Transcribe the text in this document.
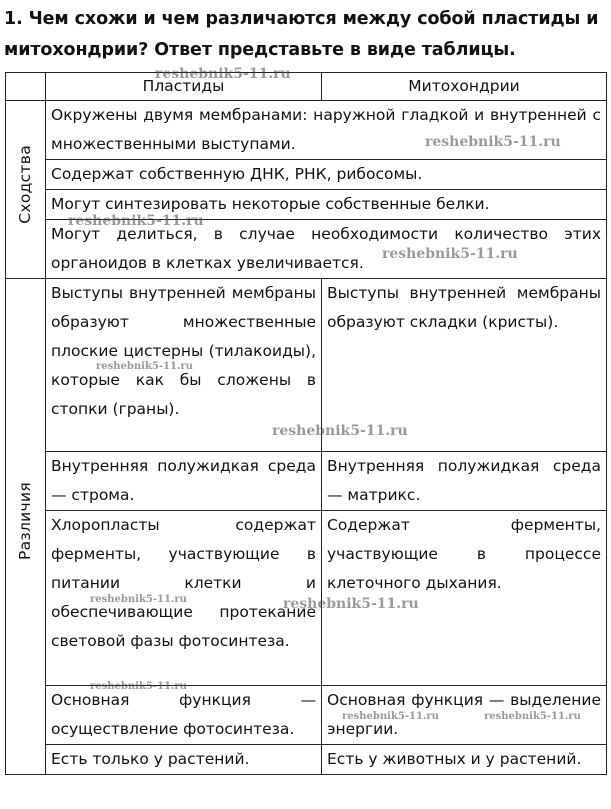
1. Чем схожи и чем различаются между собой пластиды и митохондрии? Ответ представьте в виде таблицы.
	Пластиды	Митохондрии
Сходства	Окружены двумя мембранами: наружной гладкой и внутренней с множественными выступами.	
	Содержат собственную ДНК, РНК, рибосомы.	
	Могут синтезировать некоторые собственные белки.	
	Могут делиться, в случае необходимости количество этих органоидов в клетках увеличивается.	
Различия	Выступы внутренней мембраны образуют множественные плоские цистерны (тилакоиды), которые как бы сложены в стопки (граны).	Выступы внутренней мембраны образуют складки (кристы).
	Внутренняя полужидкая среда — строма.	Внутренняя полужидкая среда — матрикс.
	Хлоропласты содержат ферменты, участвующие в питании клетки и обеспечивающие протекание световой фазы фотосинтеза.	Содержат ферменты, участвующие в процессе клеточного дыхания.
	Основная функция — осуществление фотосинтеза.	Основная функция — выделение энергии.
	Есть только у растений.	Есть у животных и у растений.
reshebnik5-11.ru
reshebnik5-11.ru
reshebnik5-11.ru
reshebnik5-11.ru
reshebnik5-11.ru
reshebnik5-11.ru
reshebnik5-11.ru	reshebnik5-11.ru
reshebnik5-11.ru
reshebnik5-11.ru	reshebnik5-11.ru
